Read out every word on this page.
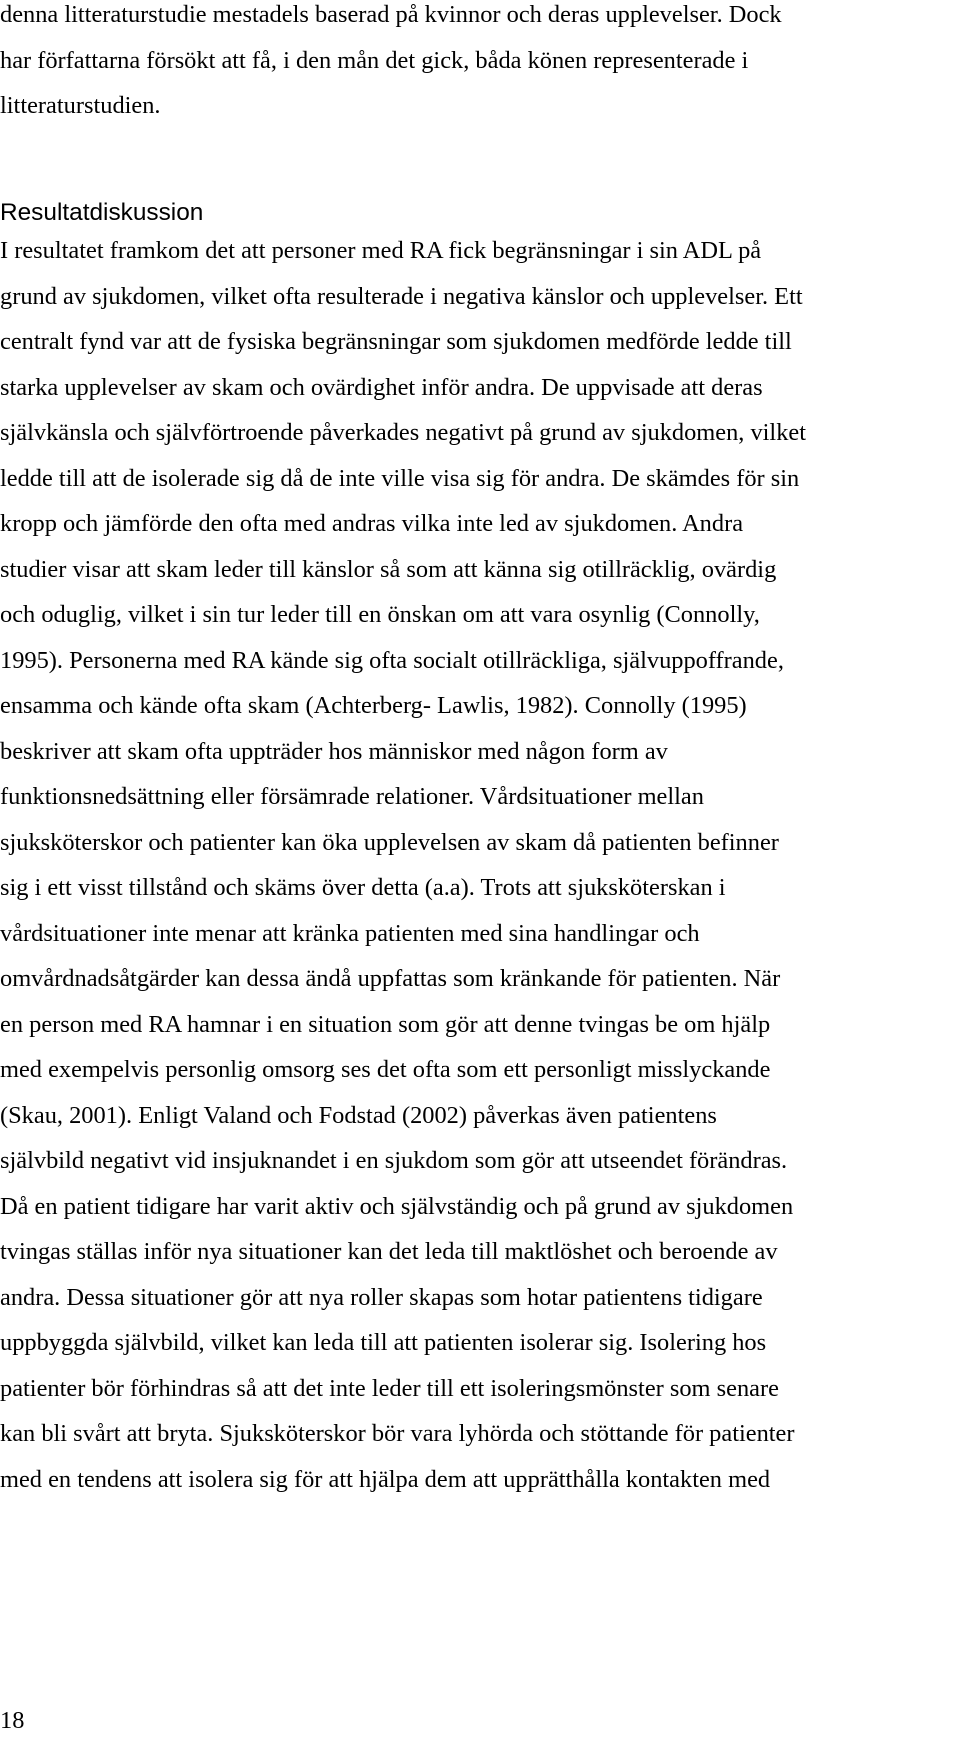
denna litteraturstudie mestadels baserad på kvinnor och deras upplevelser. Dock
har författarna försökt att få, i den mån det gick, båda könen representerade i
litteraturstudien.
Resultatdiskussion
I resultatet framkom det att personer med RA fick begränsningar i sin ADL på
grund av sjukdomen, vilket ofta resulterade i negativa känslor och upplevelser. Ett
centralt fynd var att de fysiska begränsningar som sjukdomen medförde ledde till
starka upplevelser av skam och ovärdighet inför andra. De uppvisade att deras
självkänsla och självförtroende påverkades negativt på grund av sjukdomen, vilket
ledde till att de isolerade sig då de inte ville visa sig för andra. De skämdes för sin
kropp och jämförde den ofta med andras vilka inte led av sjukdomen. Andra
studier visar att skam leder till känslor så som att känna sig otillräcklig, ovärdig
och oduglig, vilket i sin tur leder till en önskan om att vara osynlig (Connolly,
1995). Personerna med RA kände sig ofta socialt otillräckliga, självuppoffrande,
ensamma och kände ofta skam (Achterberg- Lawlis, 1982). Connolly (1995)
beskriver att skam ofta uppträder hos människor med någon form av
funktionsnedsättning eller försämrade relationer. Vårdsituationer mellan
sjuksköterskor och patienter kan öka upplevelsen av skam då patienten befinner
sig i ett visst tillstånd och skäms över detta (a.a). Trots att sjuksköterskan i
vårdsituationer inte menar att kränka patienten med sina handlingar och
omvårdnadsåtgärder kan dessa ändå uppfattas som kränkande för patienten. När
en person med RA hamnar i en situation som gör att denne tvingas be om hjälp
med exempelvis personlig omsorg ses det ofta som ett personligt misslyckande
(Skau, 2001). Enligt Valand och Fodstad (2002) påverkas även patientens
självbild negativt vid insjuknandet i en sjukdom som gör att utseendet förändras.
Då en patient tidigare har varit aktiv och självständig och på grund av sjukdomen
tvingas ställas inför nya situationer kan det leda till maktlöshet och beroende av
andra. Dessa situationer gör att nya roller skapas som hotar patientens tidigare
uppbyggda självbild, vilket kan leda till att patienten isolerar sig. Isolering hos
patienter bör förhindras så att det inte leder till ett isoleringsmönster som senare
kan bli svårt att bryta. Sjuksköterskor bör vara lyhörda och stöttande för patienter
med en tendens att isolera sig för att hjälpa dem att upprätthålla kontakten med
18
